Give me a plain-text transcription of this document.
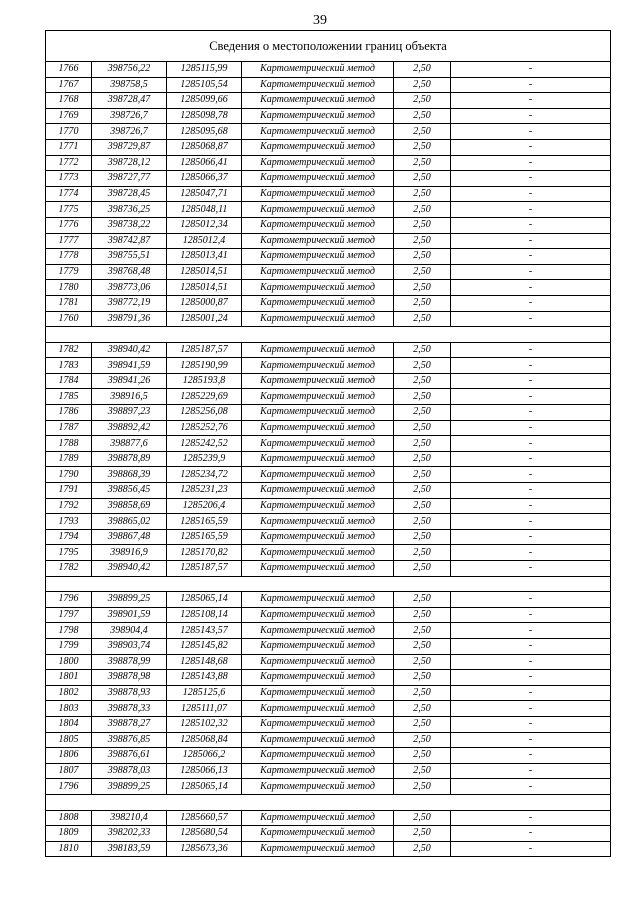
39
Сведения о местоположении границ объекта					
1766	398756,22	1285115,99	Картометрический метод	2,50	-
1767	398758,5	1285105,54	Картометрический метод	2,50	-
1768	398728,47	1285099,66	Картометрический метод	2,50	-
1769	398726,7	1285098,78	Картометрический метод	2,50	-
1770	398726,7	1285095,68	Картометрический метод	2,50	-
1771	398729,87	1285068,87	Картометрический метод	2,50	-
1772	398728,12	1285066,41	Картометрический метод	2,50	-
1773	398727,77	1285066,37	Картометрический метод	2,50	-
1774	398728,45	1285047,71	Картометрический метод	2,50	-
1775	398736,25	1285048,11	Картометрический метод	2,50	-
1776	398738,22	1285012,34	Картометрический метод	2,50	-
1777	398742,87	1285012,4	Картометрический метод	2,50	-
1778	398755,51	1285013,41	Картометрический метод	2,50	-
1779	398768,48	1285014,51	Картометрический метод	2,50	-
1780	398773,06	1285014,51	Картометрический метод	2,50	-
1781	398772,19	1285000,87	Картометрический метод	2,50	-
1760	398791,36	1285001,24	Картометрический метод	2,50	-

1782	398940,42	1285187,57	Картометрический метод	2,50	-
1783	398941,59	1285190,99	Картометрический метод	2,50	-
1784	398941,26	1285193,8	Картометрический метод	2,50	-
1785	398916,5	1285229,69	Картометрический метод	2,50	-
1786	398897,23	1285256,08	Картометрический метод	2,50	-
1787	398892,42	1285252,76	Картометрический метод	2,50	-
1788	398877,6	1285242,52	Картометрический метод	2,50	-
1789	398878,89	1285239,9	Картометрический метод	2,50	-
1790	398868,39	1285234,72	Картометрический метод	2,50	-
1791	398856,45	1285231,23	Картометрический метод	2,50	-
1792	398858,69	1285206,4	Картометрический метод	2,50	-
1793	398865,02	1285165,59	Картометрический метод	2,50	-
1794	398867,48	1285165,59	Картометрический метод	2,50	-
1795	398916,9	1285170,82	Картометрический метод	2,50	-
1782	398940,42	1285187,57	Картометрический метод	2,50	-

1796	398899,25	1285065,14	Картометрический метод	2,50	-
1797	398901,59	1285108,14	Картометрический метод	2,50	-
1798	398904,4	1285143,57	Картометрический метод	2,50	-
1799	398903,74	1285145,82	Картометрический метод	2,50	-
1800	398878,99	1285148,68	Картометрический метод	2,50	-
1801	398878,98	1285143,88	Картометрический метод	2,50	-
1802	398878,93	1285125,6	Картометрический метод	2,50	-
1803	398878,33	1285111,07	Картометрический метод	2,50	-
1804	398878,27	1285102,32	Картометрический метод	2,50	-
1805	398876,85	1285068,84	Картометрический метод	2,50	-
1806	398876,61	1285066,2	Картометрический метод	2,50	-
1807	398878,03	1285066,13	Картометрический метод	2,50	-
1796	398899,25	1285065,14	Картометрический метод	2,50	-

1808	398210,4	1285660,57	Картометрический метод	2,50	-
1809	398202,33	1285680,54	Картометрический метод	2,50	-
1810	398183,59	1285673,36	Картометрический метод	2,50	-
